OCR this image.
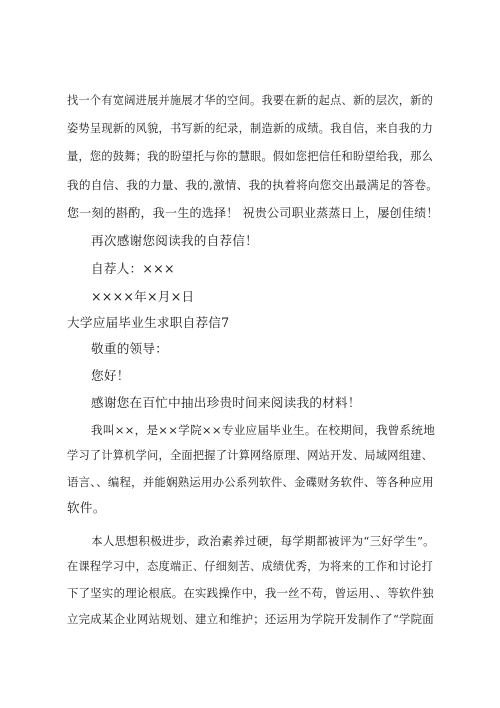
找一个有宽阔进展并施展才华的空间。我要在新的起点、新的层次，新的
姿势呈现新的风貌，书写新的纪录，制造新的成绩。我自信，来自我的力
量，您的鼓舞；我的盼望托与你的慧眼。假如您把信任和盼望给我，那么
我的自信、我的力量、我的,激情、我的执着将向您交出最满足的答卷。
您一刻的斟酌，我一生的选择！ 祝贵公司职业蒸蒸日上，屡创佳绩！
再次感谢您阅读我的自荐信！
自荐人：×××
××××年×月×日
大学应届毕业生求职自荐信7
敬重的领导：
您好！
感谢您在百忙中抽出珍贵时间来阅读我的材料！
我叫××，是××学院××专业应届毕业生。在校期间，我曾系统地
学习了计算机学问，全面把握了计算网络原理、网站开发、局域网组建、
语言、、编程，并能娴熟运用办公系列软件、金碟财务软件、等各种应用
软件。
本人思想积极进步，政治素养过硬，每学期都被评为“三好学生”。
在课程学习中，态度端正、仔细刻苦、成绩优秀，为将来的工作和讨论打
下了坚实的理论根底。在实践操作中，我一丝不苟，曾运用、、等软件独
立完成某企业网站规划、建立和维护；还运用为学院开发制作了“学院面
